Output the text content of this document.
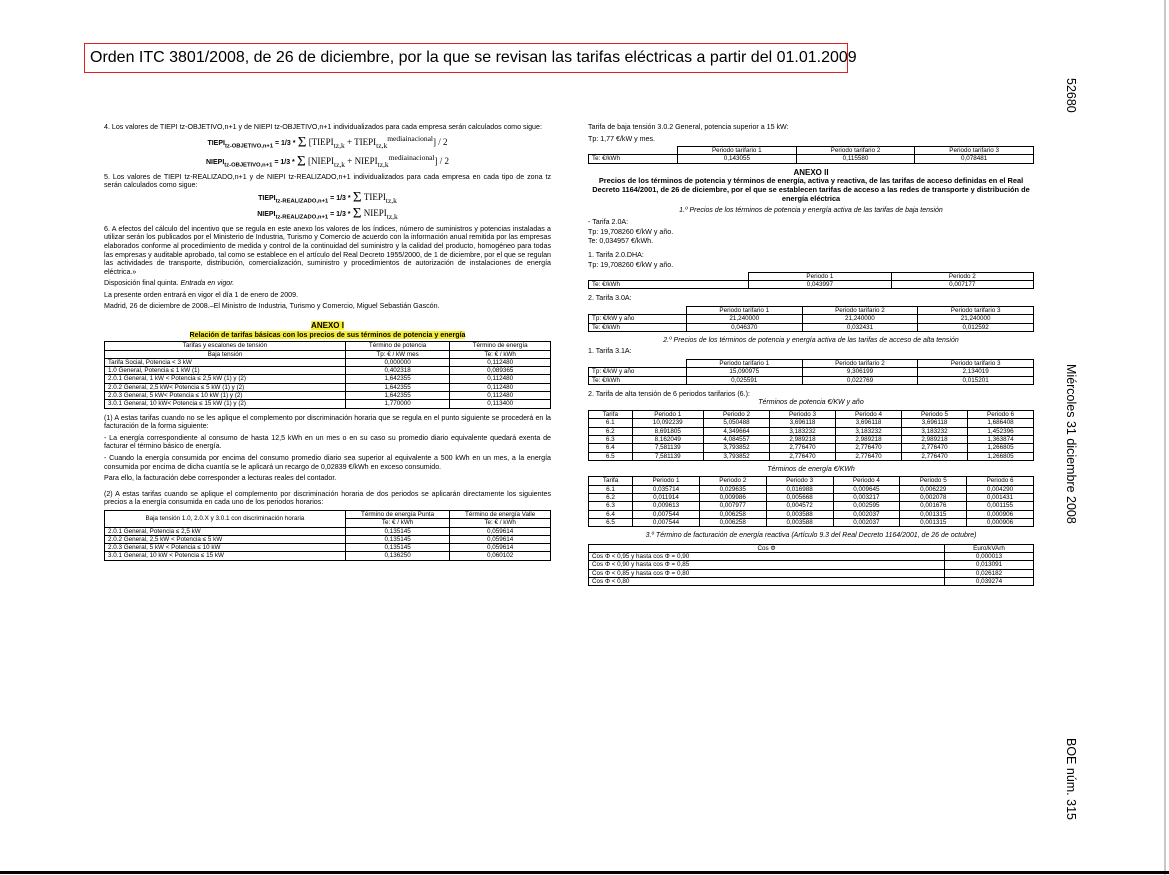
Orden ITC 3801/2008, de 26 de diciembre, por la que se revisan las tarifas eléctricas a partir del 01.01.2009
52680
Miércoles 31 diciembre 2008
BOE núm. 315

4. Los valores de TIEPI tz-OBJETIVO,n+1 y de NIEPI tz-OBJETIVO,n+1 individualizados para cada empresa serán calculados como sigue:

$TIEPI_{tz-OBJETIVO,n+1} = 1/3 * \Sigma$ [$TIEPI_{tz,k}$ + $TIEPI_{tz,k}^{mediainacional}] / 2$
$NIEPI_{tz-OBJETIVO,n+1} = 1/3 * \Sigma$ [$NIEPI_{tz,k}$ + $NIEPI_{tz,k}^{mediainacional}] / 2$

5. Los valores de TIEPI tz-REALIZADO,n+1 y de NIEPI tz-REALIZADO,n+1 individualizados para cada empresa en cada tipo de zona tz serán calculados como sigue:

$TIEPI_{tz-REALIZADO,n+1} = 1/3 * \Sigma$ $TIEPI_{tz,k}$
$NIEPI_{tz-REALIZADO,n+1} = 1/3 * \Sigma$ $NIEPI_{tz,k}$

6. A efectos del cálculo del incentivo que se regula en este anexo los valores de los índices, número de suministros y potencias instaladas a utilizar serán los publicados por el Ministerio de Industria, Turismo y Comercio de acuerdo con la información anual remitida por las empresas elaborados conforme al procedimiento de medida y control de la continuidad del suministro y la calidad del producto, homogéneo para todas las empresas y auditable aprobado, tal como se establece en el artículo del Real Decreto 1955/2000, de 1 de diciembre, por el que se regulan las actividades de transporte, distribución, comercialización, suministro y procedimientos de autorización de instalaciones de energía eléctrica.»

Disposición final quinta. Entrada en vigor.

La presente orden entrará en vigor el día 1 de enero de 2009.

Madrid, 26 de diciembre de 2008.–El Ministro de Industria, Turismo y Comercio, Miguel Sebastián Gascón.

ANEXO I
Relación de tarifas básicas con los precios de sus términos de potencia y energía
Tarifas y escalones de tensión	Término de potencia	Término de energía
Baja tensión	Tp: € / kW mes	Te: € / kWh
Tarifa Social, Potencia < 3 kW	0,000000	0,112480
1.0 General, Potencia ≤ 1 kW (1)	0,402318	0,089365
2.0.1 General, 1 kW < Potencia ≤ 2,5 kW (1) y (2)	1,642355	0,112480
2.0.2 General, 2,5 kW< Potencia ≤ 5 kW (1) y (2)	1,642355	0,112480
2.0.3 General, 5 kW< Potencia ≤ 10 kW (1) y (2)	1,642355	0,112480
3.0.1 General, 10 kW< Potencia ≤ 15 kW (1) y (2)	1,770000	0,113400

(1) A estas tarifas cuando no se les aplique el complemento por discriminación horaria que se regula en el punto siguiente se procederá en la facturación de la forma siguiente:

- La energía correspondiente al consumo de hasta 12,5 kWh en un mes o en su caso su promedio diario equivalente quedará exenta de facturar el término básico de energía.

- Cuando la energía consumida por encima del consumo promedio diario sea superior al equivalente a 500 kWh en un mes, a la energía consumida por encima de dicha cuantía se le aplicará un recargo de 0,02839 €/kWh en exceso consumido.

Para ello, la facturación debe corresponder a lecturas reales del contador.

(2) A estas tarifas cuando se aplique el complemento por discriminación horaria de dos periodos se aplicarán directamente los siguientes precios a la energía consumida en cada uno de los periodos horarios:

Baja tensión 1.0, 2.0.X y 3.0.1 con discriminación horaria	Término de energía Punta	Término de energía Valle
	Te: € / kWh	Te: € / kWh
2.0.1 General, Potencia ≤ 2,5 kW	0,135145	0,059614
2.0.2 General, 2,5 kW < Potencia ≤ 5 kW	0,135145	0,059614
2.0.3 General, 5 kW < Potencia ≤ 10 kW	0,135145	0,059614
3.0.1 General, 10 kW < Potencia ≤ 15 kW	0,136250	0,060102

Tarifa de baja tensión 3.0.2 General, potencia superior a 15 kW:

Tp: 1,77 €/kW y mes.

	Periodo tarifario 1	Periodo tarifario 2	Periodo tarifario 3
Te: €/kWh	0,143055	0,115580	0,078481
ANEXO II
Precios de los términos de potencia y términos de energía, activa y reactiva, de las tarifas de acceso definidas en el Real Decreto 1164/2001, de 26 de diciembre, por el que se establecen tarifas de acceso a las redes de transporte y distribución de energía eléctrica
1.º Precios de los términos de potencia y energía activa de las tarifas de baja tensión

- Tarifa 2.0A:

Tp: 19,708260 €/kW y año.

Te: 0,034957 €/kWh.

1. Tarifa 2.0.DHA:

Tp: 19,708260 €/kW y año.

	Periodo 1	Periodo 2
Te: €/kWh	0,043997	0,007177

2. Tarifa 3.0A:

	Periodo tarifario 1	Periodo tarifario 2	Periodo tarifario 3
Tp: €/kW y año	21,240000	21,240000	21,240000
Te: €/kWh	0,046370	0,032431	0,012592
2.º Precios de los términos de potencia y energía activa de las tarifas de acceso de alta tensión

1. Tarifa 3.1A:

	Periodo tarifario 1	Periodo tarifario 2	Periodo tarifario 3
Tp: €/kW y año	15,090975	9,306199	2,134019
Te: €/kWh	0,025591	0,022769	0,015201

2. Tarifa de alta tensión de 6 periodos tarifarios (6.):

Términos de potencia €/KW y año
Tarifa	Periodo 1	Periodo 2	Periodo 3	Periodo 4	Periodo 5	Periodo 6
6.1	10,092239	5,050488	3,696118	3,696118	3,696118	1,686408
6.2	8,691805	4,349664	3,183232	3,183232	3,183232	1,452396
6.3	8,162049	4,084557	2,989218	2,989218	2,989218	1,363874
6.4	7,581139	3,793852	2,776470	2,776470	2,776470	1,266805
6.5	7,581139	3,793852	2,776470	2,776470	2,776470	1,266805
Términos de energía €/KWh
Tarifa	Periodo 1	Periodo 2	Periodo 3	Periodo 4	Periodo 5	Periodo 6
6.1	0,035714	0,029635	0,016988	0,009645	0,006229	0,004290
6.2	0,011914	0,009986	0,005668	0,003217	0,002078	0,001431
6.3	0,009613	0,007977	0,004572	0,002595	0,001676	0,001155
6.4	0,007544	0,006258	0,003588	0,002037	0,001315	0,000906
6.5	0,007544	0,006258	0,003588	0,002037	0,001315	0,000906
3.º Término de facturación de energía reactiva (Artículo 9.3 del Real Decreto 1164/2001, de 26 de octubre)
Cos Φ	Euro/kVArh
Cos Φ < 0,95 y hasta cos Φ = 0,90	0,000013
Cos Φ < 0,90 y hasta cos Φ = 0,85	0,013091
Cos Φ < 0,85 y hasta cos Φ = 0,80	0,026182
Cos Φ < 0,80	0,039274
